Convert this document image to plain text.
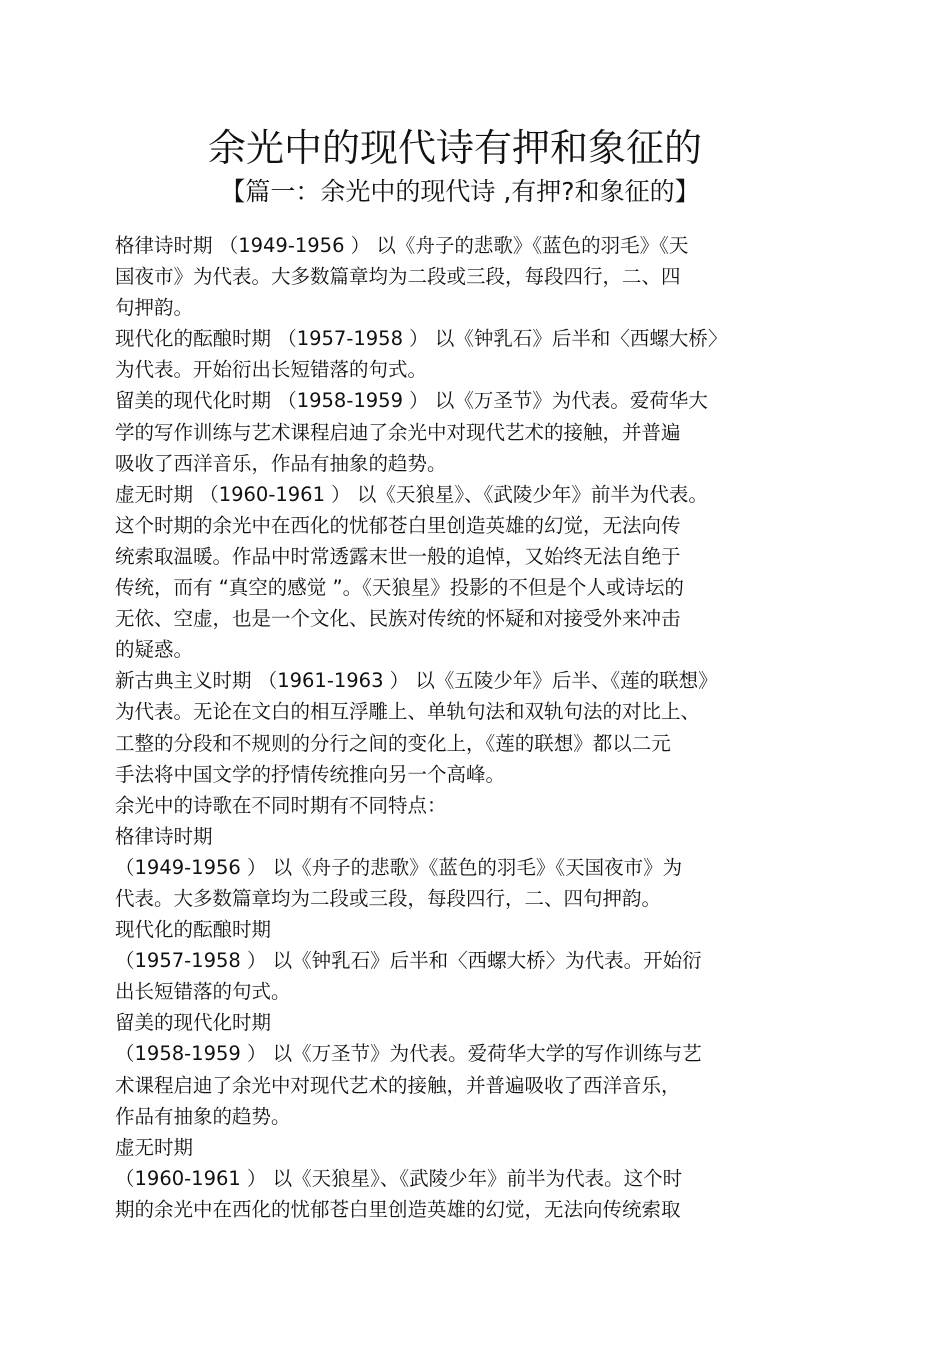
余光中的现代诗有押和象征的
【篇一：余光中的现代诗 ,有押?和象征的】
格律诗时期 （1949-1956 ） 以《舟子的悲歌》《蓝色的羽毛》《天
国夜市》为代表。大多数篇章均为二段或三段，每段四行，二、四
句押韵。
现代化的酝酿时期 （1957-1958 ） 以《钟乳石》后半和〈西螺大桥〉
为代表。开始衍出长短错落的句式。
留美的现代化时期 （1958-1959 ） 以《万圣节》为代表。爱荷华大
学的写作训练与艺术课程启迪了余光中对现代艺术的接触，并普遍
吸收了西洋音乐，作品有抽象的趋势。
虚无时期 （1960-1961 ） 以《天狼星》、《武陵少年》前半为代表。
这个时期的余光中在西化的忧郁苍白里创造英雄的幻觉，无法向传
统索取温暖。作品中时常透露末世一般的追悼，又始终无法自绝于
传统，而有 “真空的感觉 ”。《天狼星》投影的不但是个人或诗坛的
无依、空虚，也是一个文化、民族对传统的怀疑和对接受外来冲击
的疑惑。
新古典主义时期 （1961-1963 ） 以《五陵少年》后半、《莲的联想》
为代表。无论在文白的相互浮雕上、单轨句法和双轨句法的对比上、
工整的分段和不规则的分行之间的变化上，《莲的联想》都以二元
手法将中国文学的抒情传统推向另一个高峰。
余光中的诗歌在不同时期有不同特点：
格律诗时期
（1949-1956 ） 以《舟子的悲歌》《蓝色的羽毛》《天国夜市》为
代表。大多数篇章均为二段或三段，每段四行，二、四句押韵。
现代化的酝酿时期
（1957-1958 ） 以《钟乳石》后半和〈西螺大桥〉为代表。开始衍
出长短错落的句式。
留美的现代化时期
（1958-1959 ） 以《万圣节》为代表。爱荷华大学的写作训练与艺
术课程启迪了余光中对现代艺术的接触，并普遍吸收了西洋音乐，
作品有抽象的趋势。
虚无时期
（1960-1961 ） 以《天狼星》、《武陵少年》前半为代表。这个时
期的余光中在西化的忧郁苍白里创造英雄的幻觉，无法向传统索取
